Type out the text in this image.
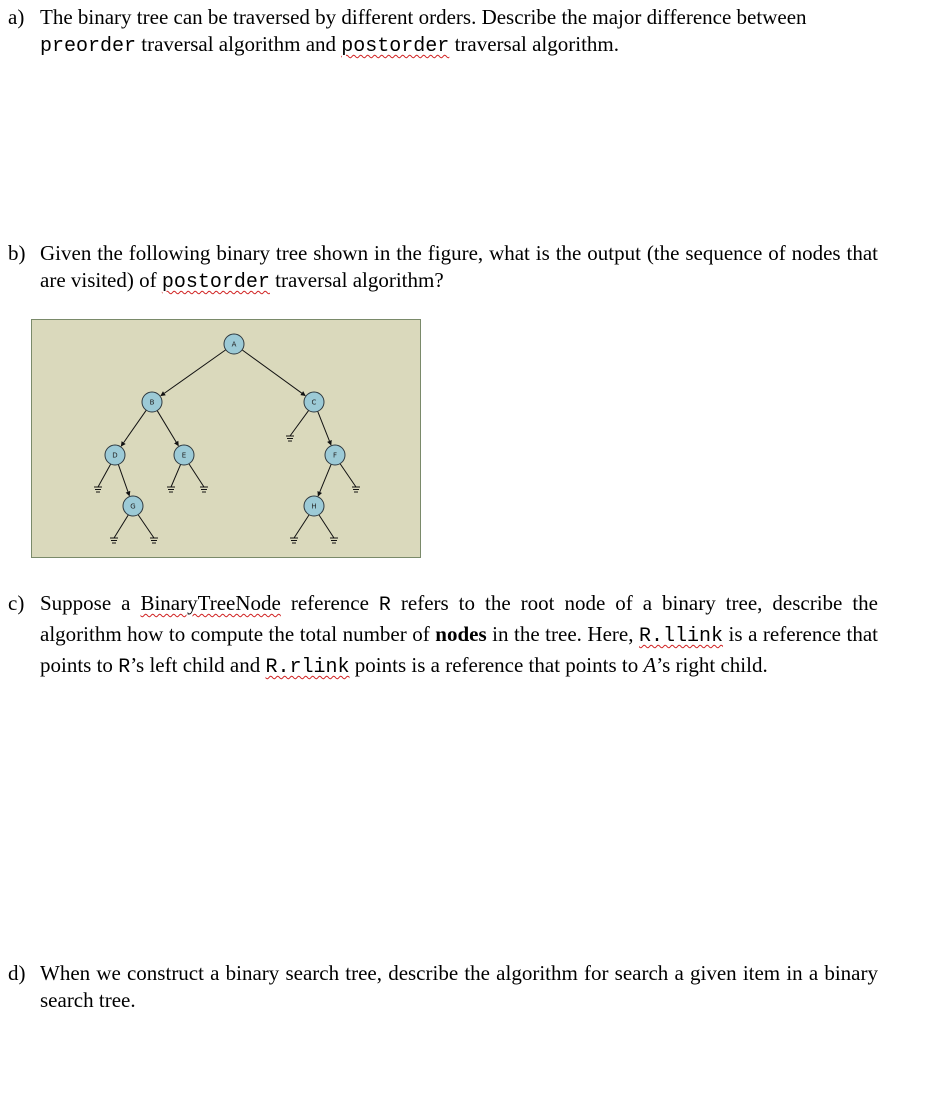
a) The binary tree can be traversed by different orders. Describe the major difference between
preorder traversal algorithm and postorder traversal algorithm.
b) Given the following binary tree shown in the figure, what is the output (the sequence of nodes that are visited) of postorder traversal algorithm?
A
B	C
D	E	F
G	H
c) Suppose a BinaryTreeNode reference R refers to the root node of a binary tree, describe the algorithm how to compute the total number of nodes in the tree. Here, R.llink is a reference that points to R’s left child and R.rlink points is a reference that points to A’s right child.
d) When we construct a binary search tree, describe the algorithm for search a given item in a binary search tree.
